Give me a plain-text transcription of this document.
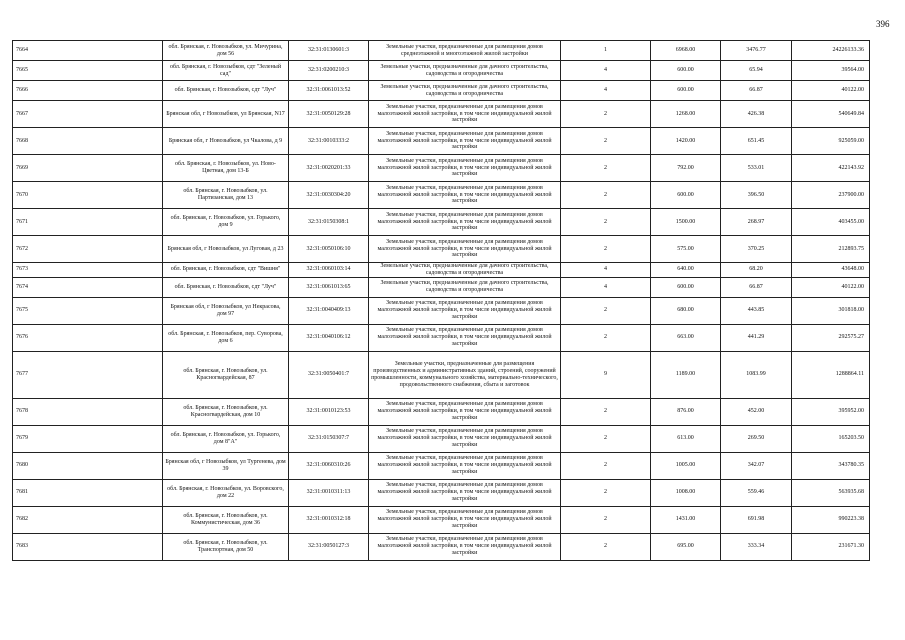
396
7664	обл. Брянская, г. Новозыбков, ул. Мичурина, дом 56	32:31:0130601:3	Земельные участки, предназначенные для размещения домов среднеэтажной и многоэтажной жилой застройки	1	6968.00	3476.77	24226133.36
7665	обл. Брянская, г. Новозыбков, сдт "Зеленый сад"	32:31:0200210:3	Земельные участки, предназначенные для дачного строительства, садоводства и огородничества	4	600.00	65.94	39564.00
7666	обл. Брянская, г. Новозыбков, сдт "Луч"	32:31:0061013:52	Земельные участки, предназначенные для дачного строительства, садоводства и огородничества	4	600.00	66.87	40122.00
7667	Брянская обл, г Новозыбков, ул Брянская, N17	32:31:0050129:28	Земельные участки, предназначенные для размещения домов малоэтажной жилой застройки, в том числе индивидуальной жилой застройки	2	1268.00	426.38	540649.84
7668	Брянская обл, г Новозыбков, ул Чкалова, д 9	32:31:0010333:2	Земельные участки, предназначенные для размещения домов малоэтажной жилой застройки, в том числе индивидуальной жилой застройки	2	1420.00	651.45	925059.00
7669	обл. Брянская, г. Новозыбков, ул. Ново-Цветная, дом 13-Б	32:31:0020201:33	Земельные участки, предназначенные для размещения домов малоэтажной жилой застройки, в том числе индивидуальной жилой застройки	2	792.00	533.01	422143.92
7670	обл. Брянская, г. Новозыбков, ул. Партизанская, дом 13	32:31:0030304:20	Земельные участки, предназначенные для размещения домов малоэтажной жилой застройки, в том числе индивидуальной жилой застройки	2	600.00	396.50	237900.00
7671	обл. Брянская, г. Новозыбков, ул. Горького, дом 9	32:31:0150308:1	Земельные участки, предназначенные для размещения домов малоэтажной жилой застройки, в том числе индивидуальной жилой застройки	2	1500.00	268.97	403455.00
7672	Брянская обл, г Новозыбков, ул Луговая, д 23	32:31:0050106:10	Земельные участки, предназначенные для размещения домов малоэтажной жилой застройки, в том числе индивидуальной жилой застройки	2	575.00	370.25	212893.75
7673	обл. Брянская, г. Новозыбков, сдт "Вишня"	32:31:0060103:14	Земельные участки, предназначенные для дачного строительства, садоводства и огородничества	4	640.00	68.20	43648.00
7674	обл. Брянская, г. Новозыбков, сдт "Луч"	32:31:0061013:65	Земельные участки, предназначенные для дачного строительства, садоводства и огородничества	4	600.00	66.87	40122.00
7675	Брянская обл, г Новозыбков, ул Некрасова, дом 97	32:31:0040409:13	Земельные участки, предназначенные для размещения домов малоэтажной жилой застройки, в том числе индивидуальной жилой застройки	2	680.00	443.85	301818.00
7676	обл. Брянская, г. Новозыбков, пер. Суворова, дом 6	32:31:0040106:12	Земельные участки, предназначенные для размещения домов малоэтажной жилой застройки, в том числе индивидуальной жилой застройки	2	663.00	441.29	292575.27
7677	обл. Брянская, г. Новозыбков, ул. Красногвардейская, 87	32:31:0050401:7	Земельные участки, предназначенные для размещения производственных и административных зданий, строений, сооружений промышленности, коммунального хозяйства, материально-технического, продовольственного снабжения, сбыта и заготовок	9	1189.00	1083.99	1288864.11
7678	обл. Брянская, г. Новозыбков, ул. Красногвардейская, дом 10	32:31:0010123:53	Земельные участки, предназначенные для размещения домов малоэтажной жилой застройки, в том числе индивидуальной жилой застройки	2	876.00	452.00	395952.00
7679	обл. Брянская, г. Новозыбков, ул. Горького, дом 8"А"	32:31:0150307:7	Земельные участки, предназначенные для размещения домов малоэтажной жилой застройки, в том числе индивидуальной жилой застройки	2	613.00	269.50	165203.50
7680	Брянская обл, г Новозыбков, ул Тургенева, дом 39	32:31:0060310:26	Земельные участки, предназначенные для размещения домов малоэтажной жилой застройки, в том числе индивидуальной жилой застройки	2	1005.00	342.07	343780.35
7681	обл. Брянская, г. Новозыбков, ул. Воровского, дом 22	32:31:0010311:13	Земельные участки, предназначенные для размещения домов малоэтажной жилой застройки, в том числе индивидуальной жилой застройки	2	1008.00	559.46	563935.68
7682	обл. Брянская, г. Новозыбков, ул. Коммунистическая, дом 36	32:31:0010312:18	Земельные участки, предназначенные для размещения домов малоэтажной жилой застройки, в том числе индивидуальной жилой застройки	2	1431.00	691.98	990223.38
7683	обл. Брянская, г. Новозыбков, ул. Транспортная, дом 50	32:31:0050127:3	Земельные участки, предназначенные для размещения домов малоэтажной жилой застройки, в том числе индивидуальной жилой застройки	2	695.00	333.34	231671.30
